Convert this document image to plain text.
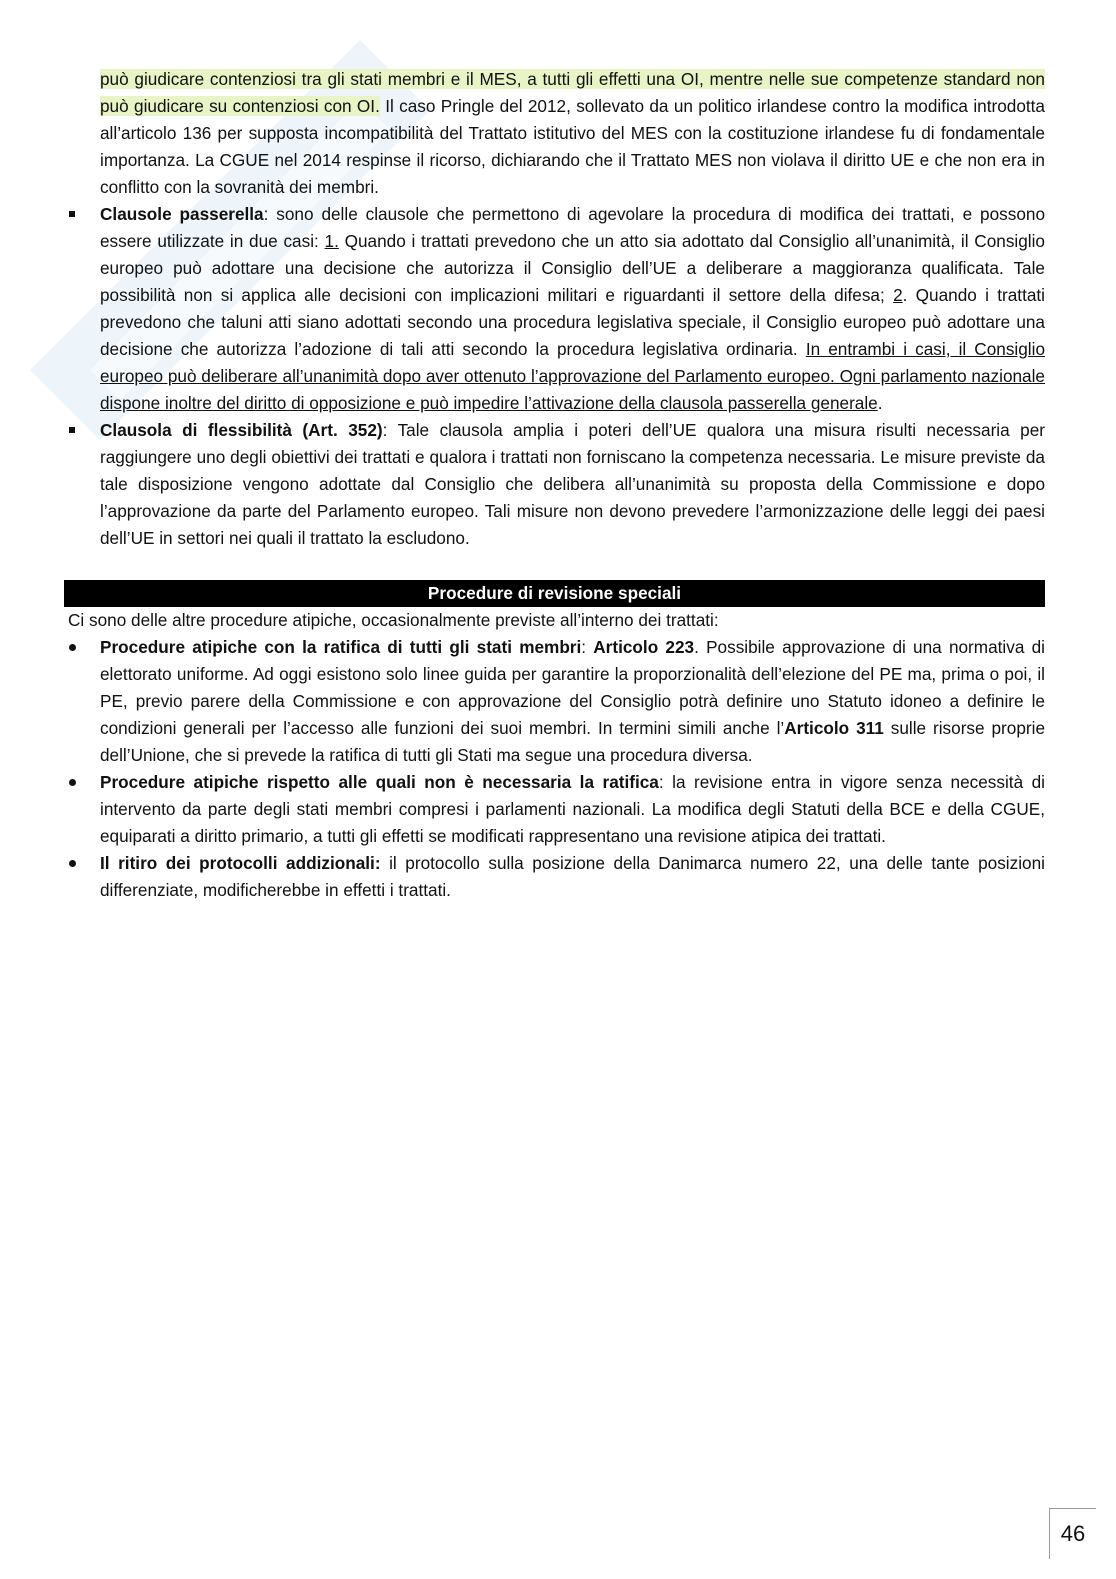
può giudicare contenziosi tra gli stati membri e il MES, a tutti gli effetti una OI, mentre nelle sue competenze standard non può giudicare su contenziosi con OI. Il caso Pringle del 2012, sollevato da un politico irlandese contro la modifica introdotta all’articolo 136 per supposta incompatibilità del Trattato istitutivo del MES con la costituzione irlandese fu di fondamentale importanza. La CGUE nel 2014 respinse il ricorso, dichiarando che il Trattato MES non violava il diritto UE e che non era in conflitto con la sovranità dei membri.

Clausole passerella: sono delle clausole che permettono di agevolare la procedura di modifica dei trattati, e possono essere utilizzate in due casi: 1. Quando i trattati prevedono che un atto sia adottato dal Consiglio all’unanimità, il Consiglio europeo può adottare una decisione che autorizza il Consiglio dell’UE a deliberare a maggioranza qualificata. Tale possibilità non si applica alle decisioni con implicazioni militari e riguardanti il settore della difesa; 2. Quando i trattati prevedono che taluni atti siano adottati secondo una procedura legislativa speciale, il Consiglio europeo può adottare una decisione che autorizza l’adozione di tali atti secondo la procedura legislativa ordinaria. In entrambi i casi, il Consiglio europeo può deliberare all’unanimità dopo aver ottenuto l’approvazione del Parlamento europeo. Ogni parlamento nazionale dispone inoltre del diritto di opposizione e può impedire l’attivazione della clausola passerella generale.
Clausola di flessibilità (Art. 352): Tale clausola amplia i poteri dell’UE qualora una misura risulti necessaria per raggiungere uno degli obiettivi dei trattati e qualora i trattati non forniscano la competenza necessaria. Le misure previste da tale disposizione vengono adottate dal Consiglio che delibera all’unanimità su proposta della Commissione e dopo l’approvazione da parte del Parlamento europeo. Tali misure non devono prevedere l’armonizzazione delle leggi dei paesi dell’UE in settori nei quali il trattato la escludono.
Procedure di revisione speciali

Ci sono delle altre procedure atipiche, occasionalmente previste all’interno dei trattati:

Procedure atipiche con la ratifica di tutti gli stati membri: Articolo 223. Possibile approvazione di una normativa di elettorato uniforme. Ad oggi esistono solo linee guida per garantire la proporzionalità dell’elezione del PE ma, prima o poi, il PE, previo parere della Commissione e con approvazione del Consiglio potrà definire uno Statuto idoneo a definire le condizioni generali per l’accesso alle funzioni dei suoi membri. In termini simili anche l’Articolo 311 sulle risorse proprie dell’Unione, che si prevede la ratifica di tutti gli Stati ma segue una procedura diversa.
Procedure atipiche rispetto alle quali non è necessaria la ratifica: la revisione entra in vigore senza necessità di intervento da parte degli stati membri compresi i parlamenti nazionali. La modifica degli Statuti della BCE e della CGUE, equiparati a diritto primario, a tutti gli effetti se modificati rappresentano una revisione atipica dei trattati.
Il ritiro dei protocolli addizionali: il protocollo sulla posizione della Danimarca numero 22, una delle tante posizioni differenziate, modificherebbe in effetti i trattati.
46
